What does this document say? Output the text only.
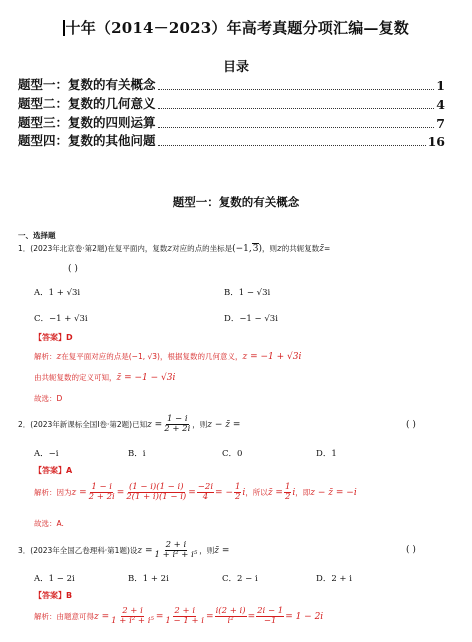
十年（2014－2023）年高考真题分项汇编—复数
目录
题型一：复数的有关概念	1
题型二：复数的几何意义	4
题型三：复数的四则运算	7
题型四：复数的其他问题	16
题型一：复数的有关概念
一、选择题
1．(2023年北京卷·第2题)在复平面内，复数z对应的点的坐标是(−1,3)，则z的共轭复数z̄=
( )
A．1 + √3i	B．1 − √3i
C．−1 + √3i	D．−1 − √3i
【答案】D
解析：z在复平面对应的点是(−1, √3)，根据复数的几何意义，z = −1 + √3i
由共轭复数的定义可知，z̄ = −1 − √3i
故选：D
2．(2023年新课标全国Ⅰ卷·第2题)已知$z = \frac{1 - i}{2 + 2i}$ ，则z − z̄ =	( )
A．−i	B．i	C．0	D．1
【答案】A
解析：因为$z = \frac{1 - i}{2 + 2i} = \frac{(1 - i)(1 - i)}{2(1 + i)(1 - i)} = \frac{-2i}{4}$ = − $\frac{1}{2}$ i，所以z̄ = $\frac{1}{2}$ i，即z − z̄ = −i
故选：A.
3．(2023年全国乙卷理科·第1题)设$z = \frac{2 + i}{\text{1 + i² + i⁵}}$ ，则z̄ =	( )
A．1 − 2i	B．1 + 2i	C．2 − i	D．2 + i
【答案】B
解析：由题意可得$z = \frac{2 + i}{\text{1 + i² + i⁵}} = \frac{2 + i}{1 - 1 + i} = \frac{i(2 + i)}{\text{i²}} = \frac{2i - 1}{-1} = 1 - 2i$
